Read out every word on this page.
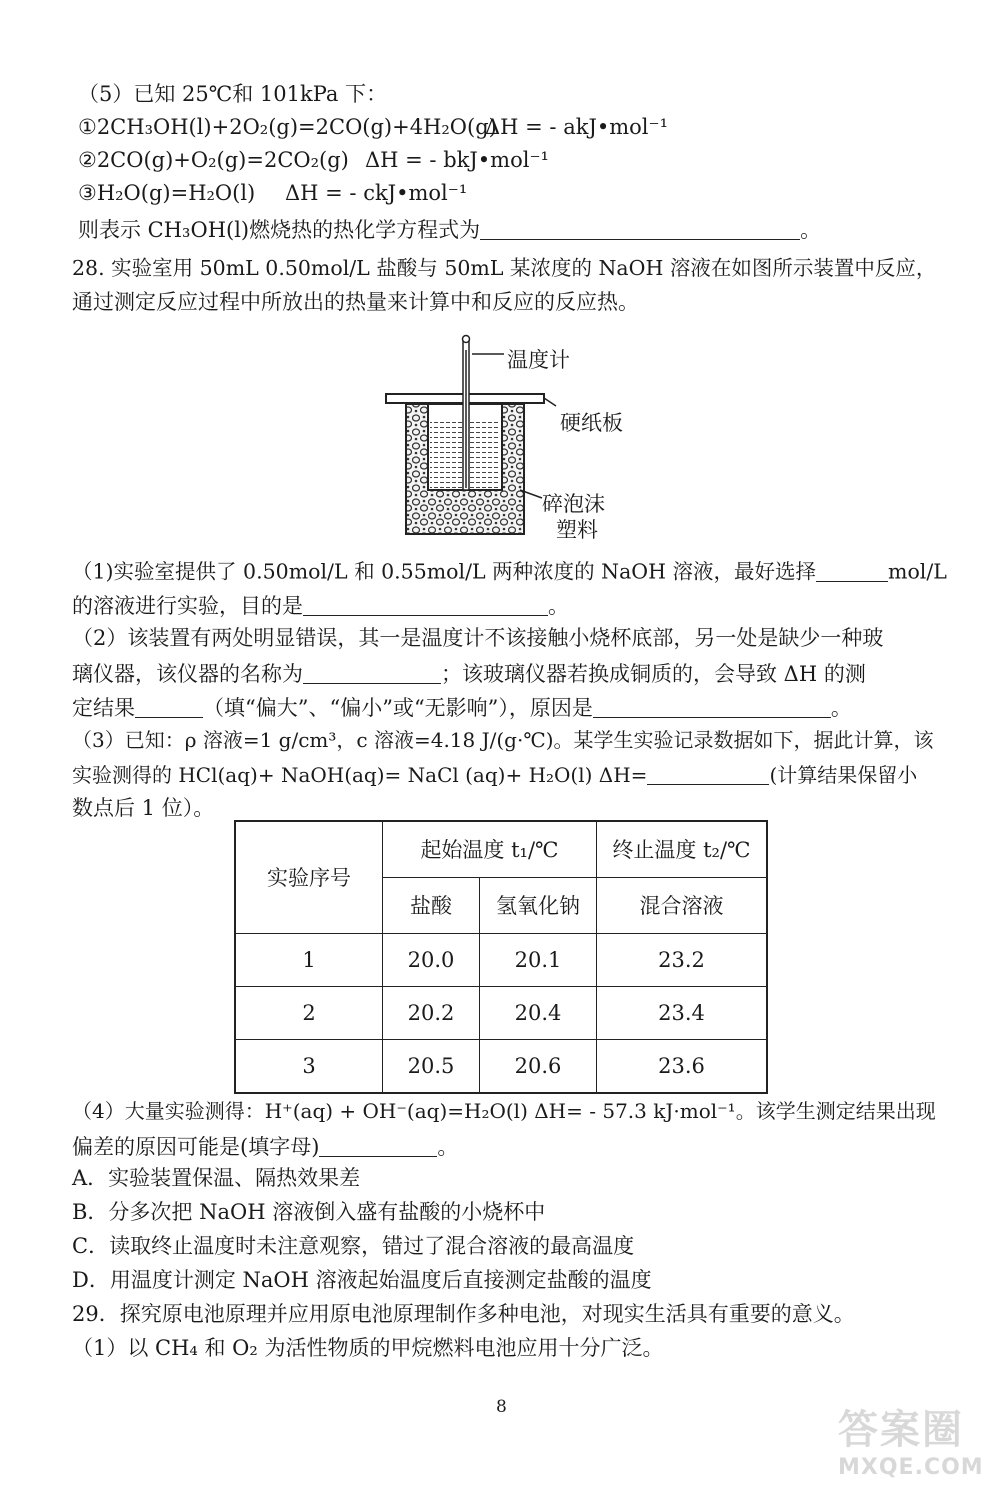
（5）已知 25℃和 101kPa 下：
①2CH₃OH(l)+2O₂(g)=2CO(g)+4H₂O(g)
ΔH = - akJ•mol⁻¹
②2CO(g)+O₂(g)=2CO₂(g) ΔH = - bkJ•mol⁻¹
③H₂O(g)=H₂O(l) ΔH = - ckJ•mol⁻¹
则表示 CH₃OH(l)燃烧热的热化学方程式为	。
28. 实验室用 50mL 0.50mol/L 盐酸与 50mL 某浓度的 NaOH 溶液在如图所示装置中反应，
通过测定反应过程中所放出的热量来计算中和反应的反应热。
温度计
硬纸板
碎泡沫
塑料
（1)实验室提供了 0.50mol/L 和 0.55mol/L 两种浓度的 NaOH 溶液，最好选择	mol/L
的溶液进行实验，目的是	。
（2）该装置有两处明显错误，其一是温度计不该接触小烧杯底部，另一处是缺少一种玻
璃仪器，该仪器的名称为	；该玻璃仪器若换成铜质的，会导致 ΔH 的测
定结果	（填“偏大”、“偏小”或“无影响”），原因是	。
（3）已知：ρ 溶液=1 g/cm³，c 溶液=4.18 J/(g·℃)。某学生实验记录数据如下，据此计算，该
实验测得的 HCl(aq)+ NaOH(aq)= NaCl (aq)+ H₂O(l) ΔH=	(计算结果保留小
数点后 1 位）。
实验序号	起始温度 t₁/℃		终止温度 t₂/℃
	盐酸	氢氧化钠	混合溶液
1	20.0	20.1	23.2
2	20.2	20.4	23.4
3	20.5	20.6	23.6
（4）大量实验测得：H⁺(aq) + OH⁻(aq)=H₂O(l) ΔH= - 57.3 kJ·mol⁻¹。该学生测定结果出现
偏差的原因可能是(填字母)	。
A．实验装置保温、隔热效果差
B．分多次把 NaOH 溶液倒入盛有盐酸的小烧杯中
C．读取终止温度时未注意观察，错过了混合溶液的最高温度
D．用温度计测定 NaOH 溶液起始温度后直接测定盐酸的温度
29．探究原电池原理并应用原电池原理制作多种电池，对现实生活具有重要的意义。
（1）以 CH₄ 和 O₂ 为活性物质的甲烷燃料电池应用十分广泛。
8	答案圈
MXQE.COM
